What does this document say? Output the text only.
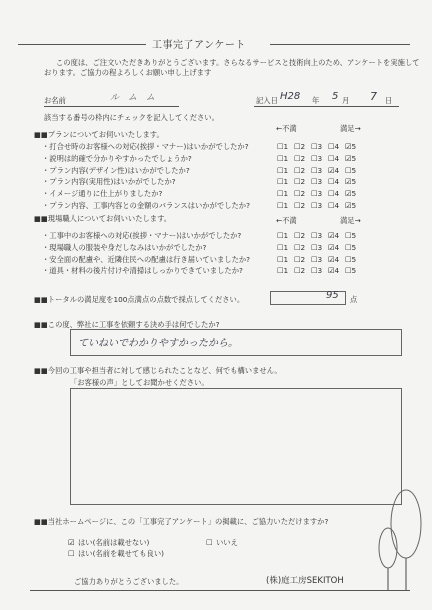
工事完了アンケート
この度は、ご注文いただきありがとうございます。さらなるサービスと技術向上のため、アンケートを実施して
おります。ご協力の程よろしくお願い申し上げます
お名前	ル ム ム	記入日 H28 年 5 月 7 日
該当する番号の枠内にチェックを記入してください。
■■プランについてお伺いいたします。
←不満	満足→
・打合せ時のお客様への対応(挨拶・マナー)はいかがでしたか?	☐1 ☐2 ☐3 ☐4 ☑5
・説明は的確で分かりやすかったでしょうか?	☐1 ☐2 ☐3 ☐4 ☑5
・プラン内容(デザイン性)はいかがでしたか?	☐1 ☐2 ☐3 ☑4 ☐5
・プラン内容(実用性)はいかがでしたか?	☐1 ☐2 ☐3 ☐4 ☑5
・イメージ通りに仕上がりましたか?	☐1 ☐2 ☐3 ☐4 ☑5
・プラン内容、工事内容との金額のバランスはいかがでしたか?	☐1 ☐2 ☐3 ☐4 ☑5
■■現場職人についてお伺いいたします。	←不満	満足→
・工事中のお客様への対応(挨拶・マナー)はいかがでしたか?	☐1 ☐2 ☐3 ☑4 ☐5
・現場職人の服装や身だしなみはいかがでしたか?	☐1 ☐2 ☐3 ☑4 ☐5
・安全面の配慮や、近隣住民への配慮は行き届いていましたか?	☐1 ☐2 ☐3 ☑4 ☐5
・道具・材料の後片付けや清掃はしっかりできていましたか?	☐1 ☐2 ☐3 ☑4 ☐5
■■トータルの満足度を100点満点の点数で採点してください。	95 点
■■この度、弊社に工事を依頼する決め手は何でしたか?
ていねいでわかりやすかったから。
■■今回の工事や担当者に対して感じられたことなど、何でも構いません。
「お客様の声」としてお聞かせください。
■■当社ホームページに、この「工事完了アンケート」の掲載に、ご協力いただけますか?
☑ はい(名前は載せない)	☐ いいえ
☐ はい(名前を載せても良い)
ご協力ありがとうございました。	(株)庭工房SEKITOH
